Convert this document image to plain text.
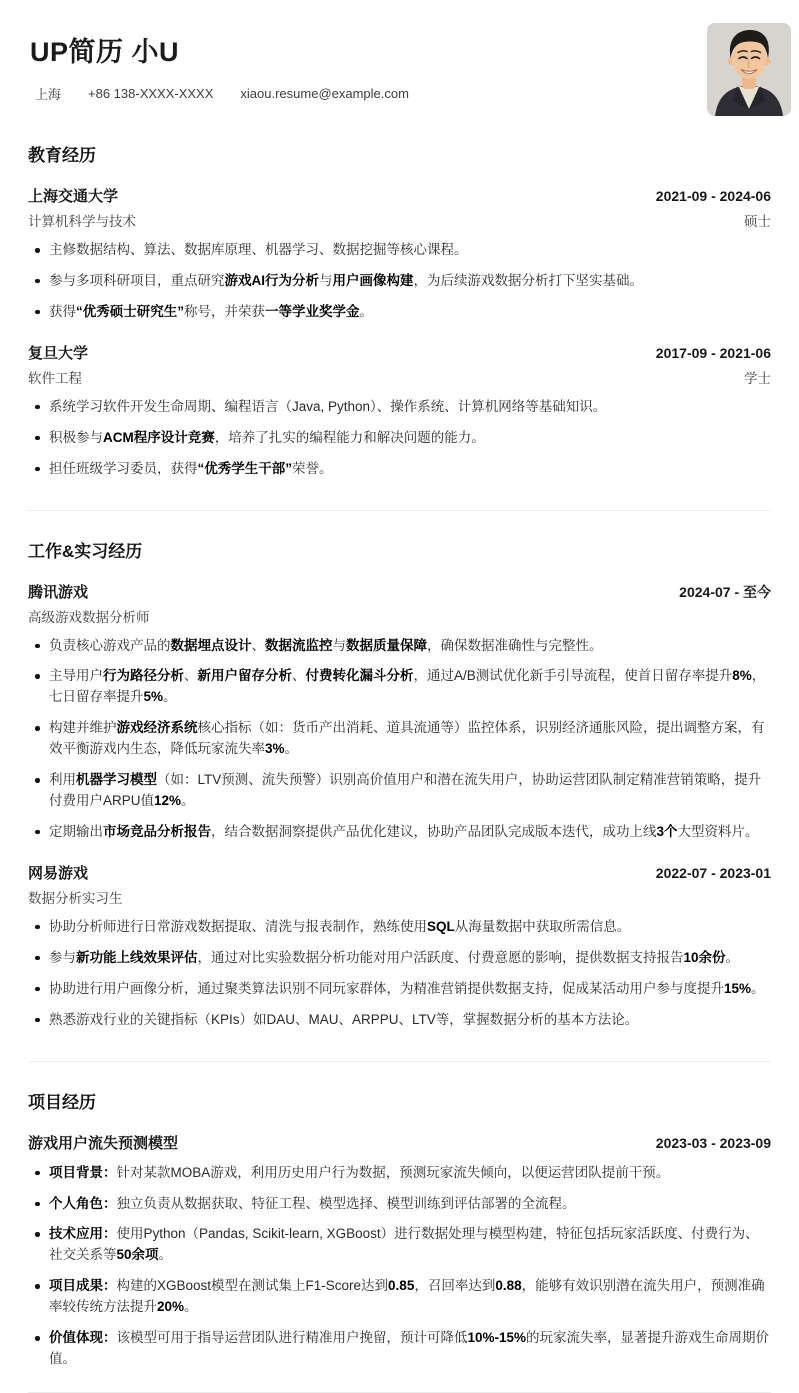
UP简历 小U
上海 +86 138-XXXX-XXXX xiaou.resume@example.com
教育经历
上海交通大学	2021-09 - 2024-06
计算机科学与技术	硕士
主修数据结构、算法、数据库原理、机器学习、数据挖掘等核心课程。
参与多项科研项目，重点研究游戏AI行为分析与用户画像构建，为后续游戏数据分析打下坚实基础。
获得“优秀硕士研究生”称号，并荣获一等学业奖学金。
复旦大学	2017-09 - 2021-06
软件工程	学士
系统学习软件开发生命周期、编程语言（Java, Python）、操作系统、计算机网络等基础知识。
积极参与ACM程序设计竞赛，培养了扎实的编程能力和解决问题的能力。
担任班级学习委员，获得“优秀学生干部”荣誉。
工作&实习经历
腾讯游戏	2024-07 - 至今
高级游戏数据分析师
负责核心游戏产品的数据埋点设计、数据流监控与数据质量保障，确保数据准确性与完整性。
主导用户行为路径分析、新用户留存分析、付费转化漏斗分析，通过A/B测试优化新手引导流程，使首日留存率提升8%，七日留存率提升5%。
构建并维护游戏经济系统核心指标（如：货币产出消耗、道具流通等）监控体系，识别经济通胀风险，提出调整方案，有效平衡游戏内生态，降低玩家流失率3%。
利用机器学习模型（如：LTV预测、流失预警）识别高价值用户和潜在流失用户，协助运营团队制定精准营销策略，提升付费用户ARPU值12%。
定期输出市场竞品分析报告，结合数据洞察提供产品优化建议，协助产品团队完成版本迭代，成功上线3个大型资料片。
网易游戏	2022-07 - 2023-01
数据分析实习生
协助分析师进行日常游戏数据提取、清洗与报表制作，熟练使用SQL从海量数据中获取所需信息。
参与新功能上线效果评估，通过对比实验数据分析功能对用户活跃度、付费意愿的影响，提供数据支持报告10余份。
协助进行用户画像分析，通过聚类算法识别不同玩家群体，为精准营销提供数据支持，促成某活动用户参与度提升15%。
熟悉游戏行业的关键指标（KPIs）如DAU、MAU、ARPPU、LTV等，掌握数据分析的基本方法论。
项目经历
游戏用户流失预测模型	2023-03 - 2023-09
项目背景：针对某款MOBA游戏，利用历史用户行为数据，预测玩家流失倾向，以便运营团队提前干预。
个人角色：独立负责从数据获取、特征工程、模型选择、模型训练到评估部署的全流程。
技术应用：使用Python（Pandas, Scikit-learn, XGBoost）进行数据处理与模型构建，特征包括玩家活跃度、付费行为、社交关系等50余项。
项目成果：构建的XGBoost模型在测试集上F1-Score达到0.85，召回率达到0.88，能够有效识别潜在流失用户，预测准确率较传统方法提升20%。
价值体现：该模型可用于指导运营团队进行精准用户挽留，预计可降低10%-15%的玩家流失率，显著提升游戏生命周期价值。
